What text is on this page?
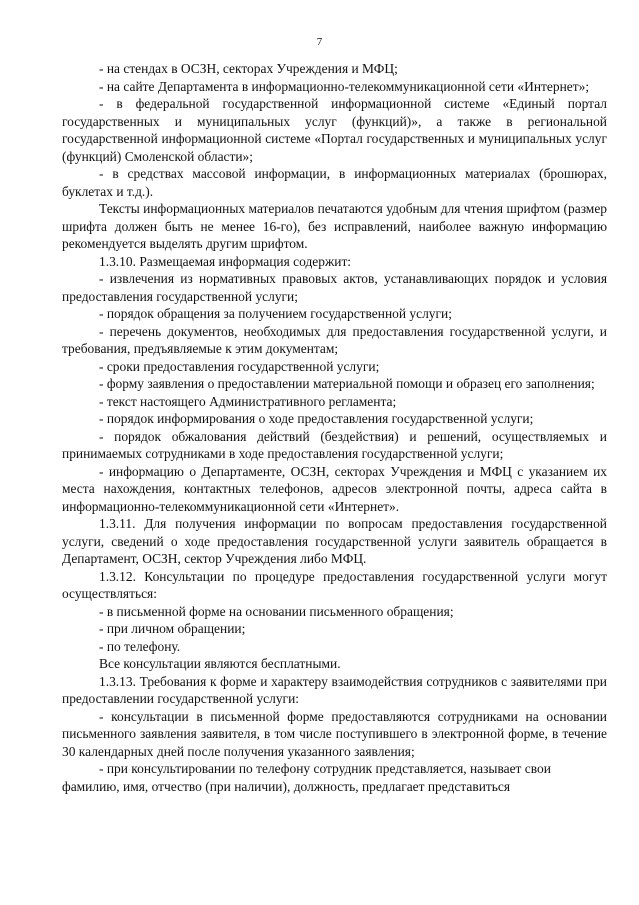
7

- на стендах в ОСЗН, секторах Учреждения и МФЦ;

- на сайте Департамента в информационно-телекоммуникационной сети «Интернет»;

- в федеральной государственной информационной системе «Единый портал государственных и муниципальных услуг (функций)», а также в региональной государственной информационной системе «Портал государственных и муниципальных услуг (функций) Смоленской области»;

- в средствах массовой информации, в информационных материалах (брошюрах, буклетах и т.д.).

Тексты информационных материалов печатаются удобным для чтения шрифтом (размер шрифта должен быть не менее 16-го), без исправлений, наиболее важную информацию рекомендуется выделять другим шрифтом.

1.3.10. Размещаемая информация содержит:

- извлечения из нормативных правовых актов, устанавливающих порядок и условия предоставления государственной услуги;

- порядок обращения за получением государственной услуги;

- перечень документов, необходимых для предоставления государственной услуги, и требования, предъявляемые к этим документам;

- сроки предоставления государственной услуги;

- форму заявления о предоставлении материальной помощи и образец его заполнения;

- текст настоящего Административного регламента;

- порядок информирования о ходе предоставления государственной услуги;

- порядок обжалования действий (бездействия) и решений, осуществляемых и принимаемых сотрудниками в ходе предоставления государственной услуги;

- информацию о Департаменте, ОСЗН, секторах Учреждения и МФЦ с указанием их места нахождения, контактных телефонов, адресов электронной почты, адреса сайта в информационно-телекоммуникационной сети «Интернет».

1.3.11. Для получения информации по вопросам предоставления государственной услуги, сведений о ходе предоставления государственной услуги заявитель обращается в Департамент, ОСЗН, сектор Учреждения либо МФЦ.

1.3.12. Консультации по процедуре предоставления государственной услуги могут осуществляться:

- в письменной форме на основании письменного обращения;

- при личном обращении;

- по телефону.

Все консультации являются бесплатными.

1.3.13. Требования к форме и характеру взаимодействия сотрудников с заявителями при предоставлении государственной услуги:

- консультации в письменной форме предоставляются сотрудниками на основании письменного заявления заявителя, в том числе поступившего в электронной форме, в течение 30 календарных дней после получения указанного заявления;

- при консультировании по телефону сотрудник представляется, называет свои фамилию, имя, отчество (при наличии), должность, предлагает представиться
